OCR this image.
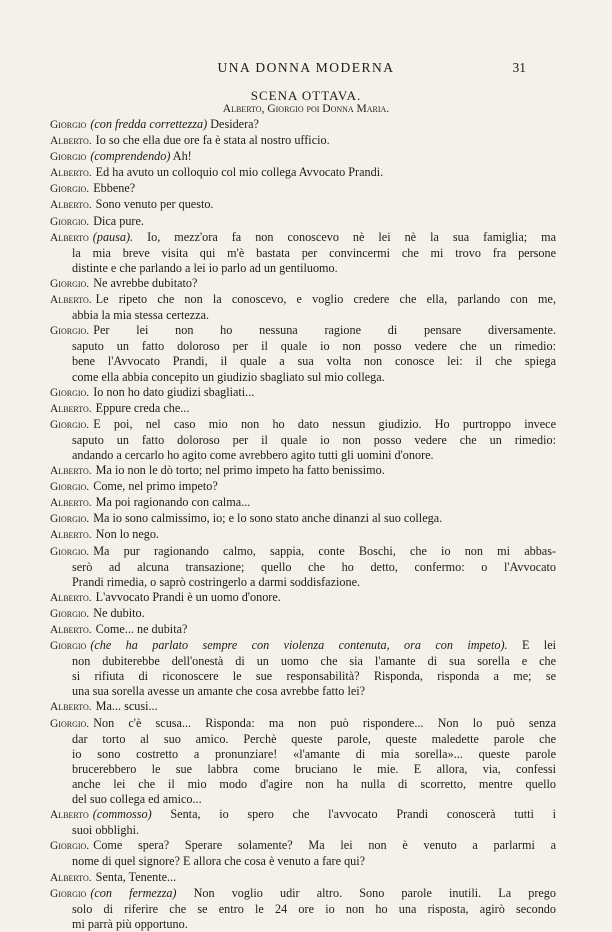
UNA DONNA MODERNA	31
SCENA OTTAVA.
Alberto, Giorgio poi Donna Maria.
Giorgio (con fredda correttezza) Desidera?
Alberto. Io so che ella due ore fa è stata al nostro ufficio.
Giorgio (comprendendo) Ah!
Alberto. Ed ha avuto un colloquio col mio collega Avvocato Prandi.
Giorgio. Ebbene?
Alberto. Sono venuto per questo.
Giorgio. Dica pure.
Alberto (pausa). Io, mezz'ora fa non conoscevo nè lei nè la sua famiglia; ma
la mia breve visita qui m'è bastata per convincermi che mi trovo fra persone
distinte e che parlando a lei io parlo ad un gentiluomo.
Giorgio. Ne avrebbe dubitato?
Alberto. Le ripeto che non la conoscevo, e voglio credere che ella, parlando con me,
abbia la mia stessa certezza.
Giorgio. Per lei non ho nessuna ragione di pensare diversamente.
saputo un fatto doloroso per il quale io non posso vedere che un rimedio:
bene l'Avvocato Prandi, il quale a sua volta non conosce lei: il che spiega
come ella abbia concepito un giudizio sbagliato sul mio collega.
Giorgio. Io non ho dato giudizi sbagliati...
Alberto. Eppure creda che...
Giorgio. E poi, nel caso mio non ho dato nessun giudizio. Ho purtroppo invece
saputo un fatto doloroso per il quale io non posso vedere che un rimedio:
andando a cercarlo ho agito come avrebbero agito tutti gli uomini d'onore.
Alberto. Ma io non le dò torto; nel primo impeto ha fatto benissimo.
Giorgio. Come, nel primo impeto?
Alberto. Ma poi ragionando con calma...
Giorgio. Ma io sono calmissimo, io; e lo sono stato anche dinanzi al suo collega.
Alberto. Non lo nego.
Giorgio. Ma pur ragionando calmo, sappia, conte Boschi, che io non mi abbas-
serò ad alcuna transazione; quello che ho detto, confermo: o l'Avvocato
Prandi rimedia, o saprò costringerlo a darmi soddisfazione.
Alberto. L'avvocato Prandi è un uomo d'onore.
Giorgio. Ne dubito.
Alberto. Come... ne dubita?
Giorgio (che ha parlato sempre con violenza contenuta, ora con impeto). E lei
non dubiterebbe dell'onestà di un uomo che sia l'amante di sua sorella e che
si rifiuta di riconoscere le sue responsabilità? Risponda, risponda a me; se
una sua sorella avesse un amante che cosa avrebbe fatto lei?
Alberto. Ma... scusi...
Giorgio. Non c'è scusa... Risponda: ma non può rispondere... Non lo può senza
dar torto al suo amico. Perchè queste parole, queste maledette parole che
io sono costretto a pronunziare! «l'amante di mia sorella»... queste parole
brucerebbero le sue labbra come bruciano le mie. E allora, via, confessi
anche lei che il mio modo d'agire non ha nulla di scorretto, mentre quello
del suo collega ed amico...
Alberto (commosso) Senta, io spero che l'avvocato Prandi conoscerà tutti i
suoi obblighi.
Giorgio. Come spera? Sperare solamente? Ma lei non è venuto a parlarmi a
nome di quel signore? E allora che cosa è venuto a fare qui?
Alberto. Senta, Tenente...
Giorgio (con fermezza) Non voglio udir altro. Sono parole inutili. La prego
solo di riferire che se entro le 24 ore io non ho una risposta, agirò secondo
mi parrà più opportuno.
